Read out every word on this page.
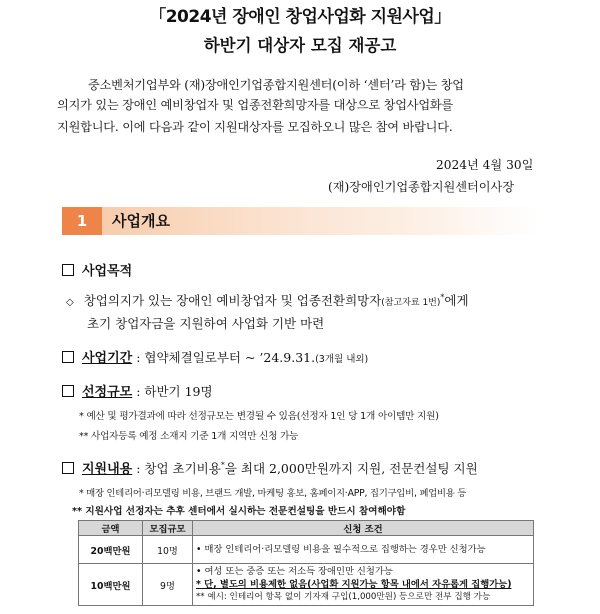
「2024년 장애인 창업사업화 지원사업」
하반기 대상자 모집 재공고
중소벤처기업부와 (재)장애인기업종합지원센터(이하 ‘센터’라 함)는 창업
의지가 있는 장애인 예비창업자 및 업종전환희망자를 대상으로 창업사업화를
지원합니다. 이에 다음과 같이 지원대상자를 모집하오니 많은 참여 바랍니다.
2024년 4월 30일
(재)장애인기업종합지원센터이사장
1	사업개요
사업목적
◇ 창업의지가 있는 장애인 예비창업자 및 업종전환희망자(참고자료 1번)*에게
초기 창업자금을 지원하여 사업화 기반 마련
사업기간 : 협약체결일로부터 ~ ’24.9.31.(3개월 내외)
선정규모 : 하반기 19명
* 예산 및 평가결과에 따라 선정규모는 변경될 수 있음(선정자 1인 당 1개 아이템만 지원)
** 사업자등록 예정 소재지 기준 1개 지역만 신청 가능
지원내용 : 창업 초기비용*을 최대 2,000만원까지 지원, 전문컨설팅 지원
* 매장 인테리어·리모델링 비용, 브랜드 개발, 마케팅 홍보, 홈페이지·APP, 집기구입비, 폐업비용 등
** 지원사업 선정자는 추후 센터에서 실시하는 전문컨설팅을 반드시 참여해야함
금액	모집규모	신청 조건
20백만원	10명	• 매장 인테리어·리모델링 비용을 필수적으로 집행하는 경우만 신청가능

10백만원	9명	• 여성 또는 중증 또는 저소득 장애인만 신청가능
* 단, 별도의 비용제한 없음(사업화 지원가능 항목 내에서 자유롭게 집행가능)
** 예시: 인테리어 항목 없이 기자재 구입(1,000만원) 등으로만 전부 집행 가능
